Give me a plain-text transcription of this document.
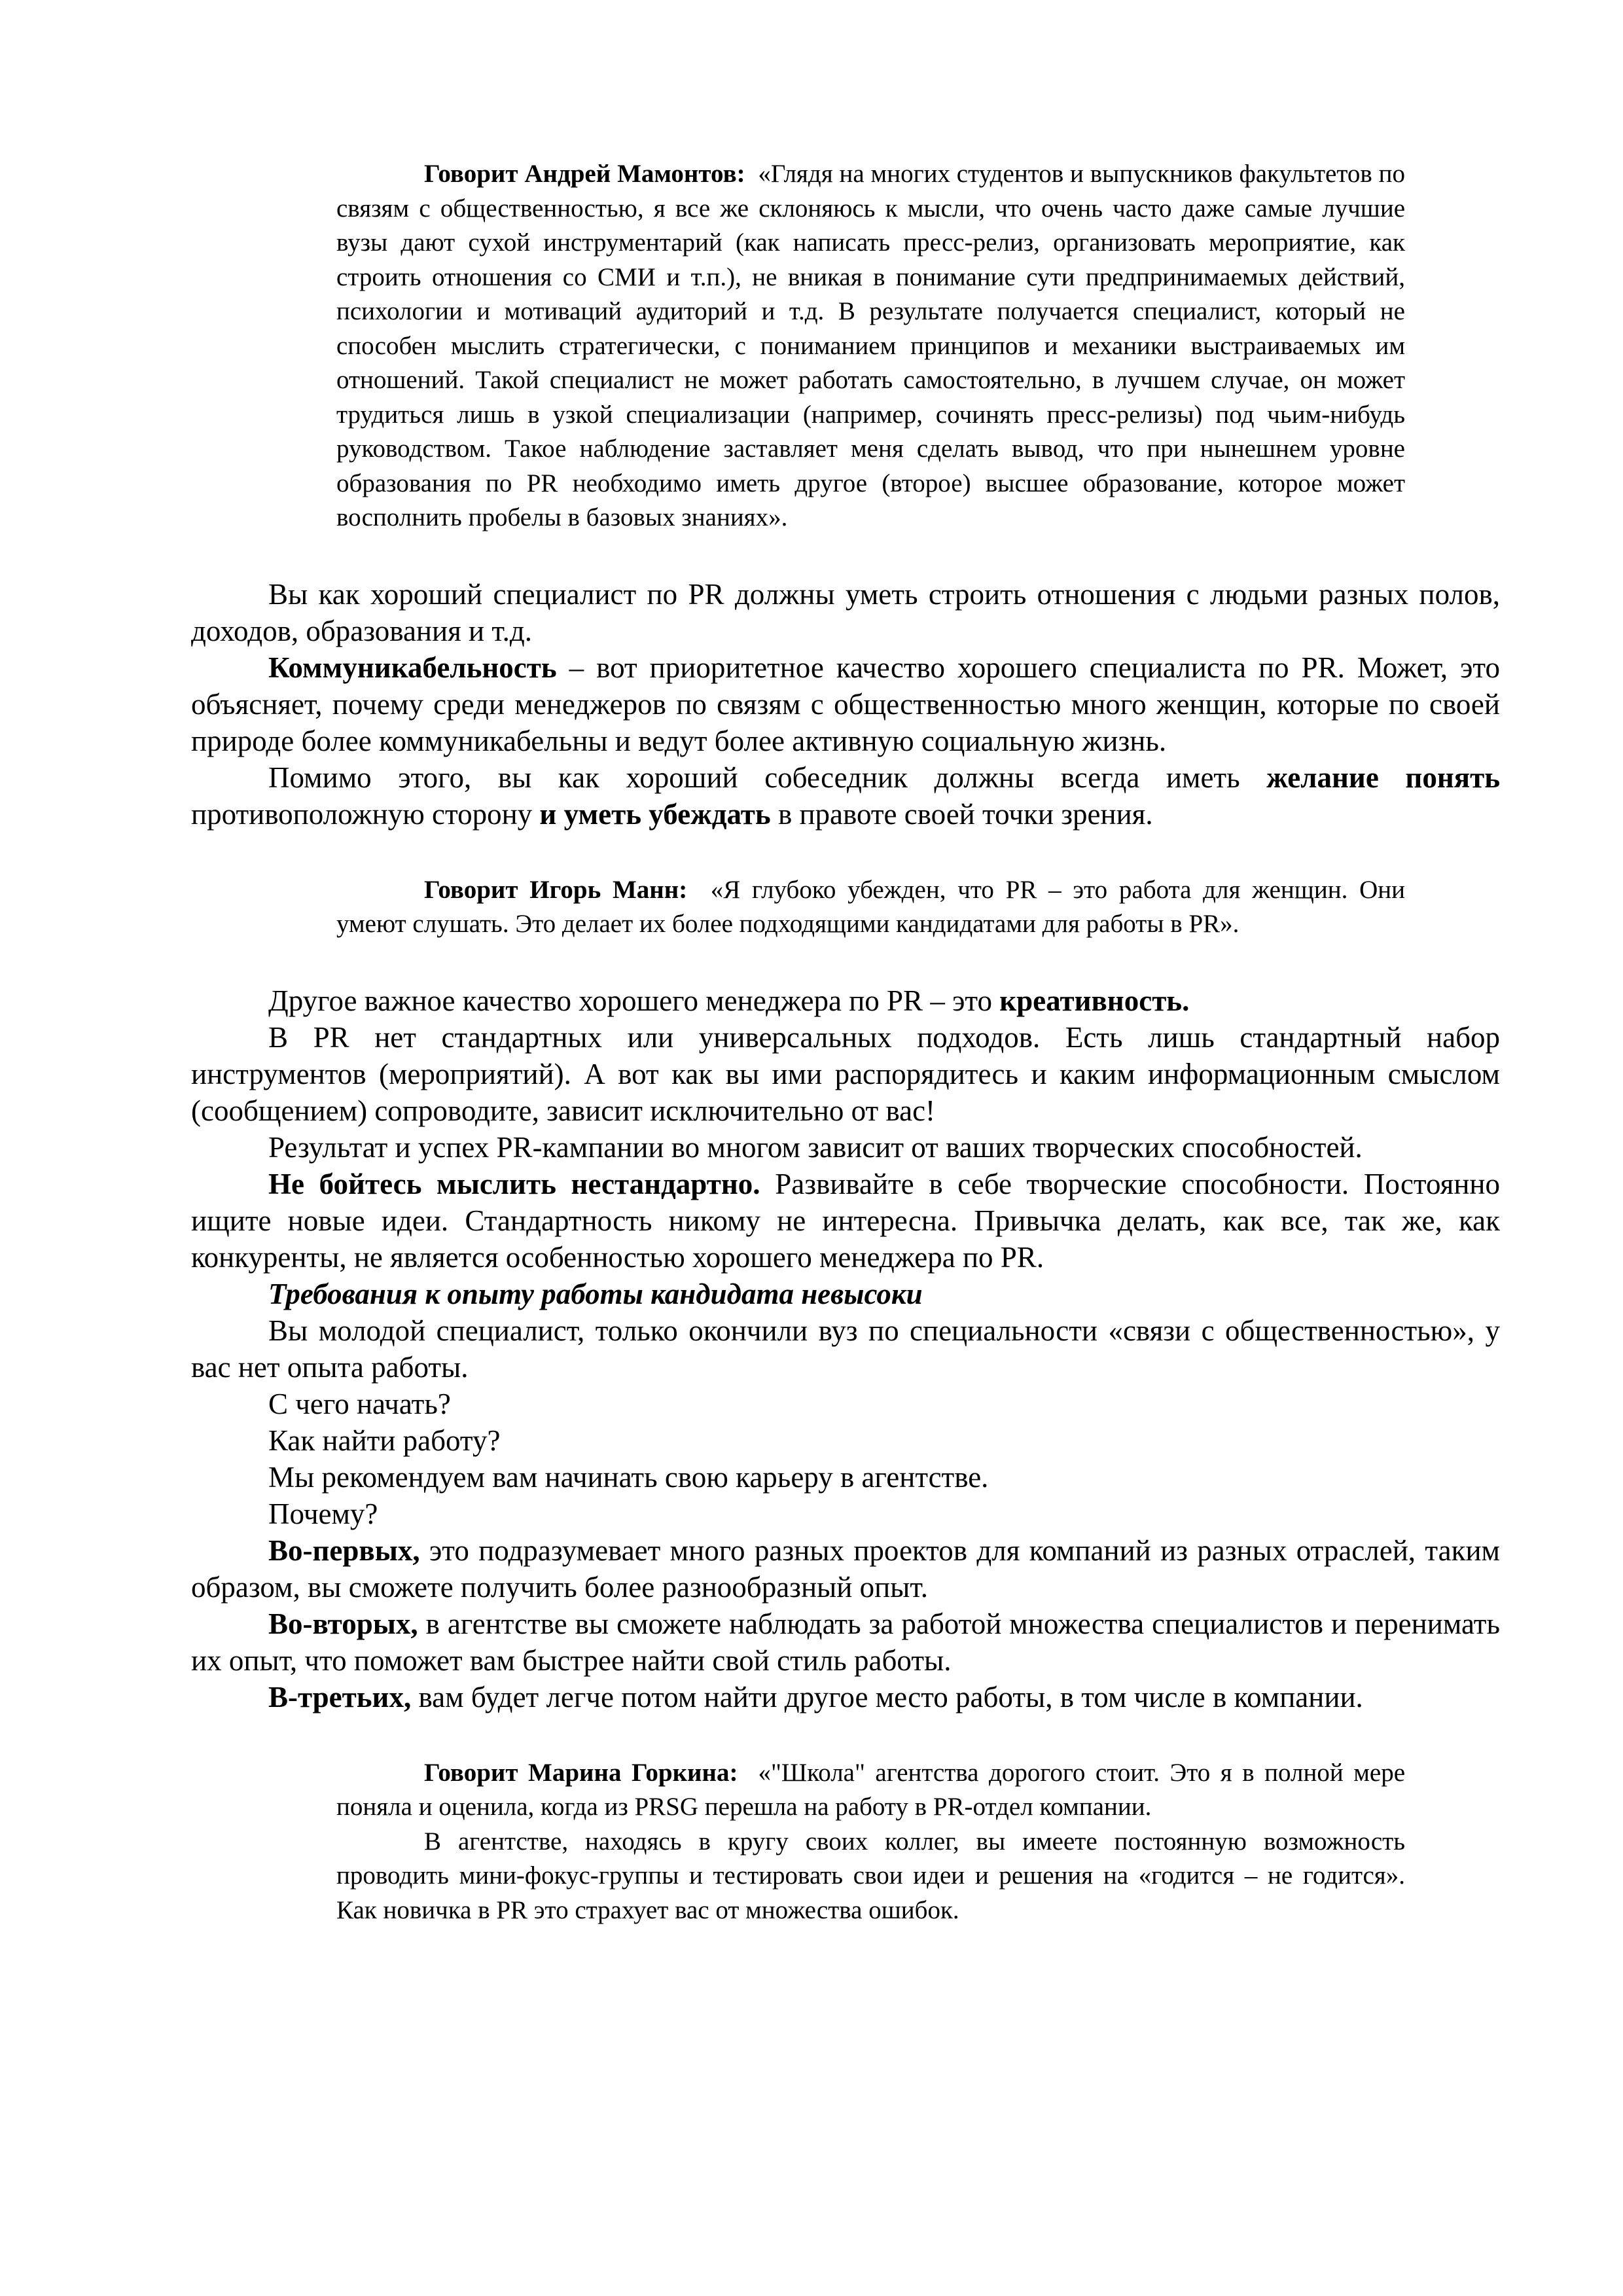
Говорит Андрей Мамонтов: «Глядя на многих студентов и выпускников факультетов по связям с общественностью, я все же склоняюсь к мысли, что очень часто даже самые лучшие вузы дают сухой инструментарий (как написать пресс-релиз, организовать мероприятие, как строить отношения со СМИ и т.п.), не вникая в понимание сути предпринимаемых действий, психологии и мотиваций аудиторий и т.д. В результате получается специалист, который не способен мыслить стратегически, с пониманием принципов и механики выстраиваемых им отношений. Такой специалист не может работать самостоятельно, в лучшем случае, он может трудиться лишь в узкой специализации (например, сочинять пресс-релизы) под чьим-нибудь руководством. Такое наблюдение заставляет меня сделать вывод, что при нынешнем уровне образования по PR необходимо иметь другое (второе) высшее образование, которое может восполнить пробелы в базовых знаниях».

Вы как хороший специалист по PR должны уметь строить отношения с людьми разных полов, доходов, образования и т.д.

Коммуникабельность – вот приоритетное качество хорошего специалиста по PR. Может, это объясняет, почему среди менеджеров по связям с общественностью много женщин, которые по своей природе более коммуникабельны и ведут более активную социальную жизнь.

Помимо этого, вы как хороший собеседник должны всегда иметь желание понять противоположную сторону и уметь убеждать в правоте своей точки зрения.

Говорит Игорь Манн: «Я глубоко убежден, что PR – это работа для женщин. Они умеют слушать. Это делает их более подходящими кандидатами для работы в PR».

Другое важное качество хорошего менеджера по PR – это креативность.

В PR нет стандартных или универсальных подходов. Есть лишь стандартный набор инструментов (мероприятий). А вот как вы ими распорядитесь и каким информационным смыслом (сообщением) сопроводите, зависит исключительно от вас!

Результат и успех PR-кампании во многом зависит от ваших творческих способностей.

Не бойтесь мыслить нестандартно. Развивайте в себе творческие способности. Постоянно ищите новые идеи. Стандартность никому не интересна. Привычка делать, как все, так же, как конкуренты, не является особенностью хорошего менеджера по PR.

Требования к опыту работы кандидата невысоки

Вы молодой специалист, только окончили вуз по специальности «связи с общественностью», у вас нет опыта работы.

С чего начать?

Как найти работу?

Мы рекомендуем вам начинать свою карьеру в агентстве.

Почему?

Во-первых, это подразумевает много разных проектов для компаний из разных отраслей, таким образом, вы сможете получить более разнообразный опыт.

Во-вторых, в агентстве вы сможете наблюдать за работой множества специалистов и перенимать их опыт, что поможет вам быстрее найти свой стиль работы.

В-третьих, вам будет легче потом найти другое место работы, в том числе в компании.

Говорит Марина Горкина: «"Школа" агентства дорогого стоит. Это я в полной мере поняла и оценила, когда из PRSG перешла на работу в PR-отдел компании.

В агентстве, находясь в кругу своих коллег, вы имеете постоянную возможность проводить мини-фокус-группы и тестировать свои идеи и решения на «годится – не годится». Как новичка в PR это страхует вас от множества ошибок.
